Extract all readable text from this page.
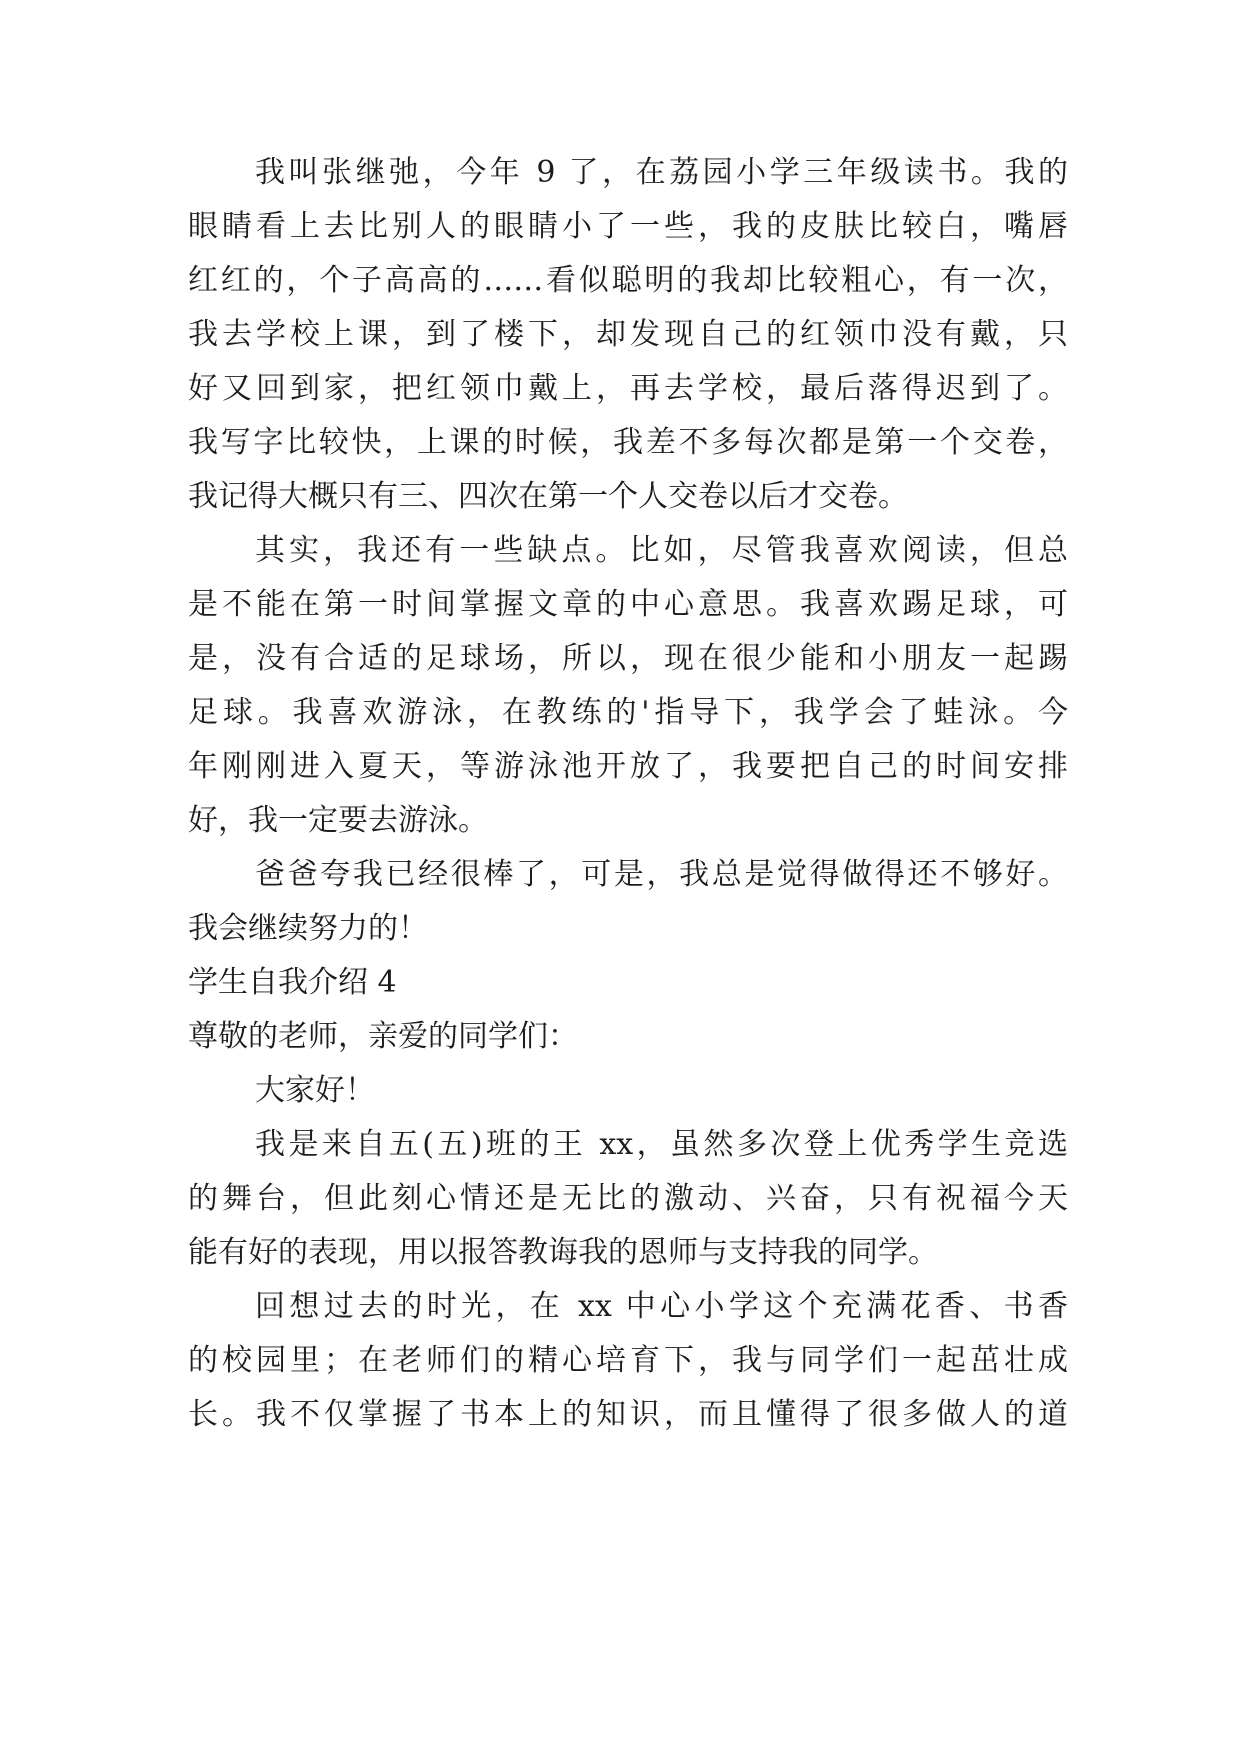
我叫张继弛，今年 9 了，在荔园小学三年级读书。我的
眼睛看上去比别人的眼睛小了一些，我的皮肤比较白，嘴唇
红红的，个子高高的……看似聪明的我却比较粗心，有一次，
我去学校上课，到了楼下，却发现自己的红领巾没有戴，只
好又回到家，把红领巾戴上，再去学校，最后落得迟到了。
我写字比较快，上课的时候，我差不多每次都是第一个交卷，
我记得大概只有三、四次在第一个人交卷以后才交卷。
其实，我还有一些缺点。比如，尽管我喜欢阅读，但总
是不能在第一时间掌握文章的中心意思。我喜欢踢足球，可
是，没有合适的足球场，所以，现在很少能和小朋友一起踢
足球。我喜欢游泳，在教练的'指导下，我学会了蛙泳。今
年刚刚进入夏天，等游泳池开放了，我要把自己的时间安排
好，我一定要去游泳。
爸爸夸我已经很棒了，可是，我总是觉得做得还不够好。
我会继续努力的！
学生自我介绍 4
尊敬的老师，亲爱的同学们：
大家好！
我是来自五(五)班的王 xx，虽然多次登上优秀学生竞选
的舞台，但此刻心情还是无比的激动、兴奋，只有祝福今天
能有好的表现，用以报答教诲我的恩师与支持我的同学。
回想过去的时光，在 xx 中心小学这个充满花香、书香
的校园里；在老师们的精心培育下，我与同学们一起茁壮成
长。我不仅掌握了书本上的知识，而且懂得了很多做人的道
